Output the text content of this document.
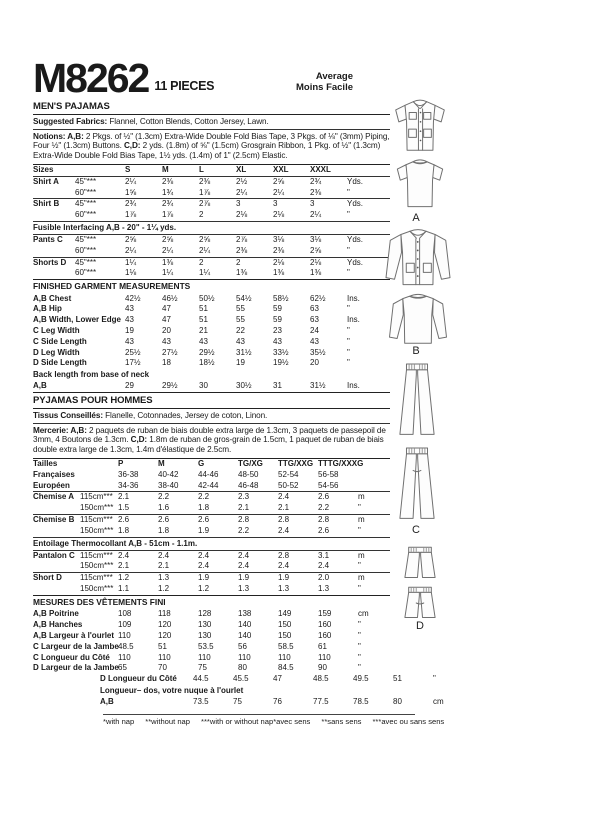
M8262 11 PIECES
Average
Moins Facile
MEN'S PAJAMAS

Suggested Fabrics: Flannel, Cotton Blends, Cotton Jersey, Lawn.

Notions: A,B: 2 Pkgs. of ½" (1.3cm) Extra-Wide Double Fold Bias Tape, 3 Pkgs. of ⅛" (3mm) Piping, Four ½" (1.3cm) Buttons. C,D: 2 yds. (1.8m) of ⅝" (1.5cm) Grosgrain Ribbon, 1 Pkg. of ½" (1.3cm) Extra-Wide Double Fold Bias Tape, 1½ yds. (1.4m) of 1" (2.5cm) Elastic.

Sizes	S	M	L	XL	XXL	XXXL
Shirt A	45"***	2¼	2⅜	2⅜	2½	2⅝	2¾	Yds.
60"***	1⅝	1¾	1⅞	2¼	2¼	2⅜	"
Shirt B	45"***	2¾	2¾	2⅞	3	3	3	Yds.
60"***	1⅞	1⅞	2	2⅛	2⅛	2¼	"
Fusible Interfacing A,B - 20" - 1¼ yds.
Pants C	45"***	2⅝	2⅝	2⅝	2⅞	3⅛	3⅛	Yds.
60"***	2¼	2¼	2¼	2⅜	2⅜	2⅝	"
Shorts D	45"***	1¼	1⅜	2	2	2⅛	2⅛	Yds.
60"***	1⅛	1¼	1¼	1⅜	1⅜	1⅜	"
FINISHED GARMENT MEASUREMENTS
A,B Chest	42½	46½	50½	54½	58½	62½	Ins.
A,B Hip	43	47	51	55	59	63	"
A,B Width, Lower Edge 43	47	51	55	59	63	Ins.
C Leg Width	19	20	21	22	23	24	"
C Side Length	43	43	43	43	43	43	"
D Leg Width	25½	27½	29½	31½	33½	35½	"
D Side Length	17½	18	18½	19	19½	20	"
Back length from base of neck
A,B	29	29½	30	30½	31	31½	Ins.
PYJAMAS POUR HOMMES

Tissus Conseillés: Flanelle, Cotonnades, Jersey de coton, Linon.

Mercerie: A,B: 2 paquets de ruban de biais double extra large de 1.3cm, 3 paquets de passepoil de 3mm, 4 Boutons de 1.3cm. C,D: 1.8m de ruban de gros-grain de 1.5cm, 1 paquet de ruban de biais double extra large de 1.3cm, 1.4m d'élastique de 2.5cm.

Tailles	P	M	G	TG/XG	TTG/XXG TTTG/XXXG
Françaises	36-38	40-42	44-46	48-50	52-54	56-58
Européen	34-36	38-40	42-44	46-48	50-52	54-56
Chemise A 115cm*** 2.1	2.2	2.2	2.3	2.4	2.6	m
150cm*** 1.5	1.6	1.8	2.1	2.1	2.2	"
Chemise B 115cm*** 2.6	2.6	2.6	2.8	2.8	2.8	m
150cm*** 1.8	1.8	1.9	2.2	2.4	2.6	"
Entoilage Thermocollant A,B - 51cm - 1.1m.
Pantalon C 115cm*** 2.4	2.4	2.4	2.4	2.8	3.1	m
150cm*** 2.1	2.1	2.4	2.4	2.4	2.4	"
Short D	115cm*** 1.2	1.3	1.9	1.9	1.9	2.0	m
150cm*** 1.1	1.2	1.2	1.3	1.3	1.3	"
MESURES DES VÊTEMENTS FINI
A,B Poitrine	108	118	128	138	149	159	cm
A,B Hanches	109	120	130	140	150	160	"
A,B Largeur à l'ourlet 110	120	130	140	150	160	"
C Largeur de la Jambe 48.5	51	53.5	56	58.5	61	"
C Longueur du Côté	110	110	110	110	110	110	"
D Largeur de la Jambe 65	70	75	80	84.5	90	"
D Longueur du Côté	44.5	45.5	47	48.5	49.5	51	"
Longueur– dos, votre nuque à l'ourlet
A,B	73.5	75	76	77.5	78.5	80	cm
*with nap **without nap ***with or without nap *avec sens **sans sens ***avec ou sans sens
A
B
C
D
